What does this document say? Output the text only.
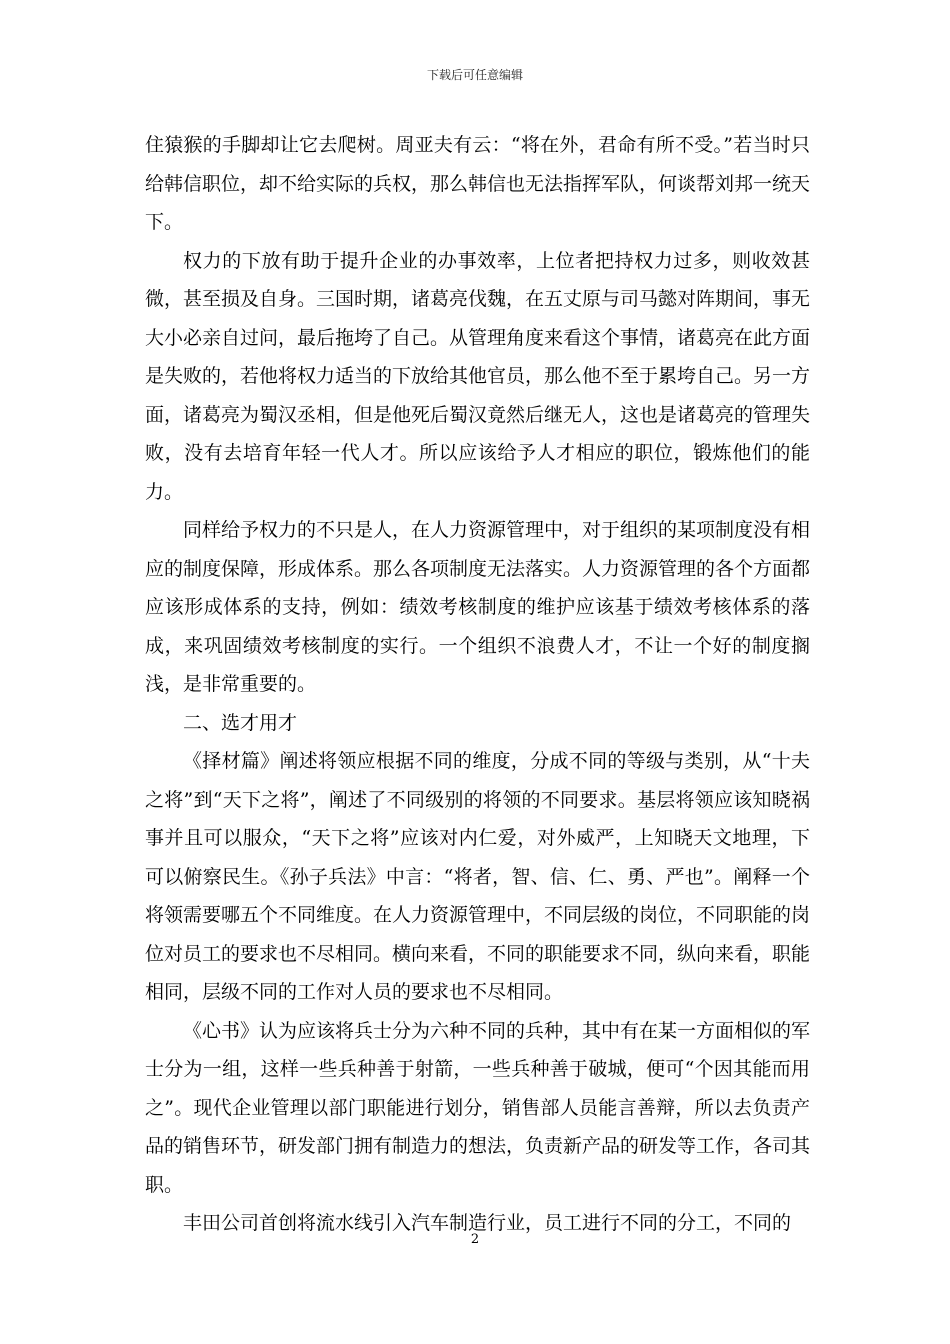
下载后可任意编辑

住猿猴的手脚却让它去爬树。周亚夫有云：“将在外，君命有所不受。”若当时只给韩信职位，却不给实际的兵权，那么韩信也无法指挥军队，何谈帮刘邦一统天下。

权力的下放有助于提升企业的办事效率，上位者把持权力过多，则收效甚微，甚至损及自身。三国时期，诸葛亮伐魏，在五丈原与司马懿对阵期间，事无大小必亲自过问，最后拖垮了自己。从管理角度来看这个事情，诸葛亮在此方面是失败的，若他将权力适当的下放给其他官员，那么他不至于累垮自己。另一方面，诸葛亮为蜀汉丞相，但是他死后蜀汉竟然后继无人，这也是诸葛亮的管理失败，没有去培育年轻一代人才。所以应该给予人才相应的职位，锻炼他们的能力。

同样给予权力的不只是人，在人力资源管理中，对于组织的某项制度没有相应的制度保障，形成体系。那么各项制度无法落实。人力资源管理的各个方面都应该形成体系的支持，例如：绩效考核制度的维护应该基于绩效考核体系的落成，来巩固绩效考核制度的实行。一个组织不浪费人才，不让一个好的制度搁浅，是非常重要的。

二、选才用才

《择材篇》阐述将领应根据不同的维度，分成不同的等级与类别，从“十夫之将”到“天下之将”，阐述了不同级别的将领的不同要求。基层将领应该知晓祸事并且可以服众，“天下之将”应该对内仁爱，对外威严，上知晓天文地理，下可以俯察民生。《孙子兵法》中言：“将者，智、信、仁、勇、严也”。阐释一个将领需要哪五个不同维度。在人力资源管理中，不同层级的岗位，不同职能的岗位对员工的要求也不尽相同。横向来看，不同的职能要求不同，纵向来看，职能相同，层级不同的工作对人员的要求也不尽相同。

《心书》认为应该将兵士分为六种不同的兵种，其中有在某一方面相似的军士分为一组，这样一些兵种善于射箭，一些兵种善于破城，便可“个因其能而用之”。现代企业管理以部门职能进行划分，销售部人员能言善辩，所以去负责产品的销售环节，研发部门拥有制造力的想法，负责新产品的研发等工作，各司其职。

丰田公司首创将流水线引入汽车制造行业，员工进行不同的分工，不同的

2
